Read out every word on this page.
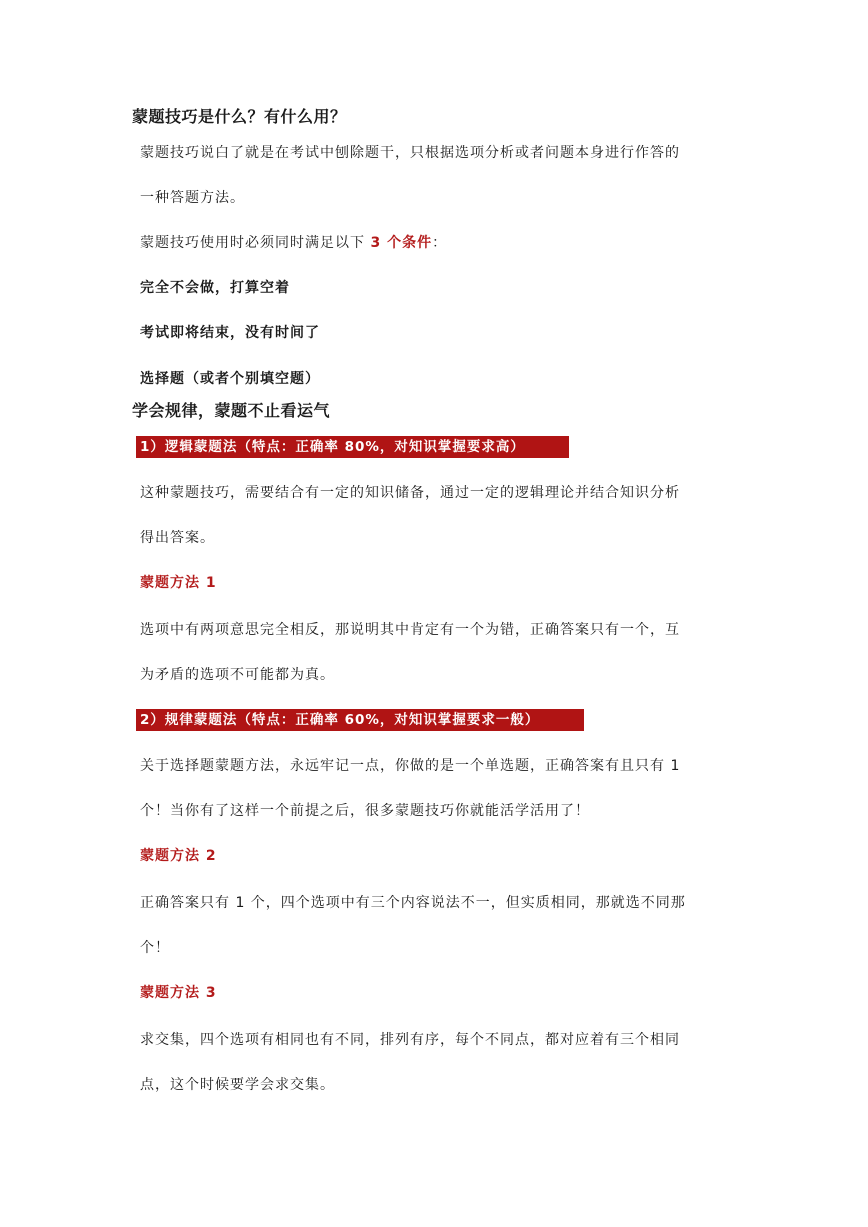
蒙题技巧是什么？有什么用？
蒙题技巧说白了就是在考试中刨除题干，只根据选项分析或者问题本身进行作答的
一种答题方法。
蒙题技巧使用时必须同时满足以下 3 个条件：
完全不会做，打算空着
考试即将结束，没有时间了
选择题（或者个别填空题）
学会规律，蒙题不止看运气
1）逻辑蒙题法（特点：正确率 80%，对知识掌握要求高）
这种蒙题技巧，需要结合有一定的知识储备，通过一定的逻辑理论并结合知识分析
得出答案。
蒙题方法 1
选项中有两项意思完全相反，那说明其中肯定有一个为错，正确答案只有一个，互
为矛盾的选项不可能都为真。
2）规律蒙题法（特点：正确率 60%，对知识掌握要求一般）
关于选择题蒙题方法，永远牢记一点，你做的是一个单选题，正确答案有且只有 1
个！当你有了这样一个前提之后，很多蒙题技巧你就能活学活用了！
蒙题方法 2
正确答案只有 1 个，四个选项中有三个内容说法不一，但实质相同，那就选不同那
个！
蒙题方法 3
求交集，四个选项有相同也有不同，排列有序，每个不同点，都对应着有三个相同
点，这个时候要学会求交集。
